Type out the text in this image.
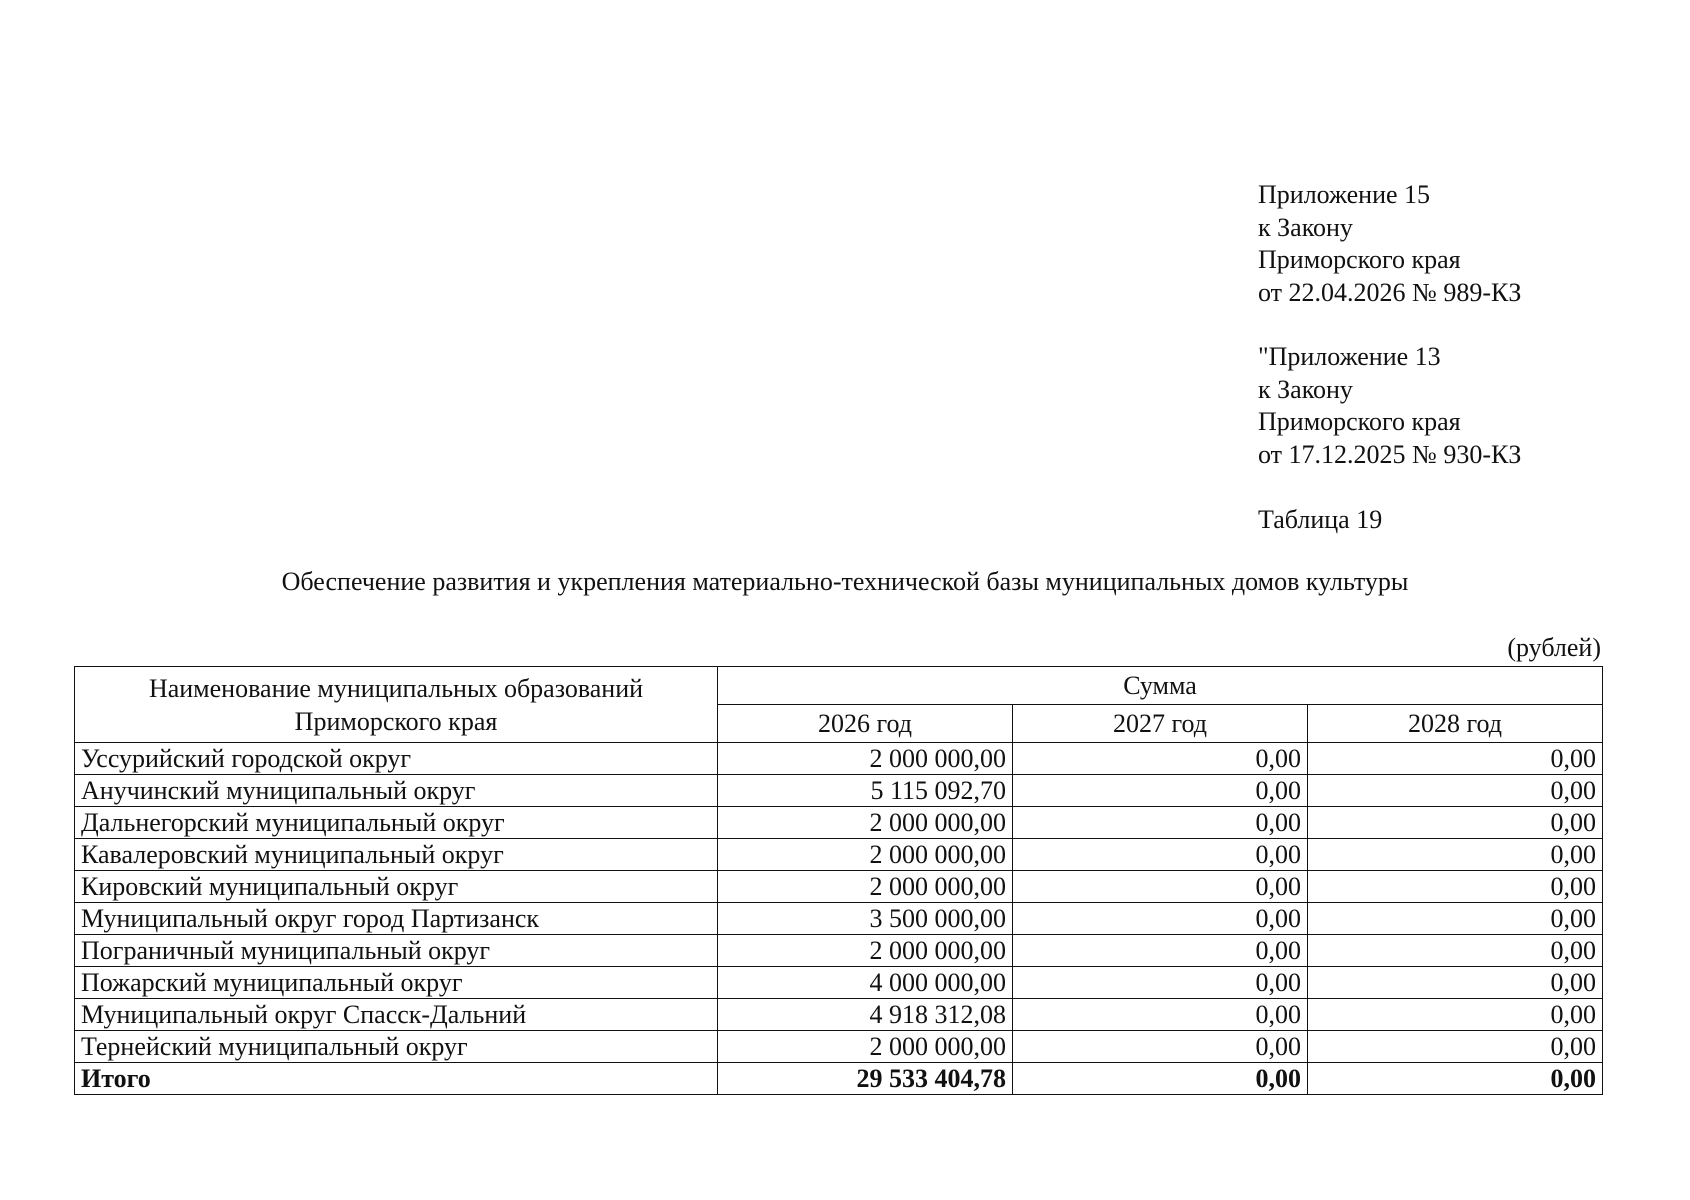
Приложение 15
к Закону
Приморского края
от 22.04.2026 № 989-КЗ
"Приложение 13
к Закону
Приморского края
от 17.12.2025 № 930-КЗ
Таблица 19
Обеспечение развития и укрепления материально-технической базы муниципальных домов культуры
(рублей)
Наименование муниципальных образований
Приморского края	Сумма		
	2026 год	2027 год	2028 год
Уссурийский городской округ	2 000 000,00	0,00	0,00
Анучинский муниципальный округ	5 115 092,70	0,00	0,00
Дальнегорский муниципальный округ	2 000 000,00	0,00	0,00
Кавалеровский муниципальный округ	2 000 000,00	0,00	0,00
Кировский муниципальный округ	2 000 000,00	0,00	0,00
Муниципальный округ город Партизанск	3 500 000,00	0,00	0,00
Пограничный муниципальный округ	2 000 000,00	0,00	0,00
Пожарский муниципальный округ	4 000 000,00	0,00	0,00
Муниципальный округ Спасск-Дальний	4 918 312,08	0,00	0,00
Тернейский муниципальный округ	2 000 000,00	0,00	0,00
Итого	29 533 404,78	0,00	0,00
